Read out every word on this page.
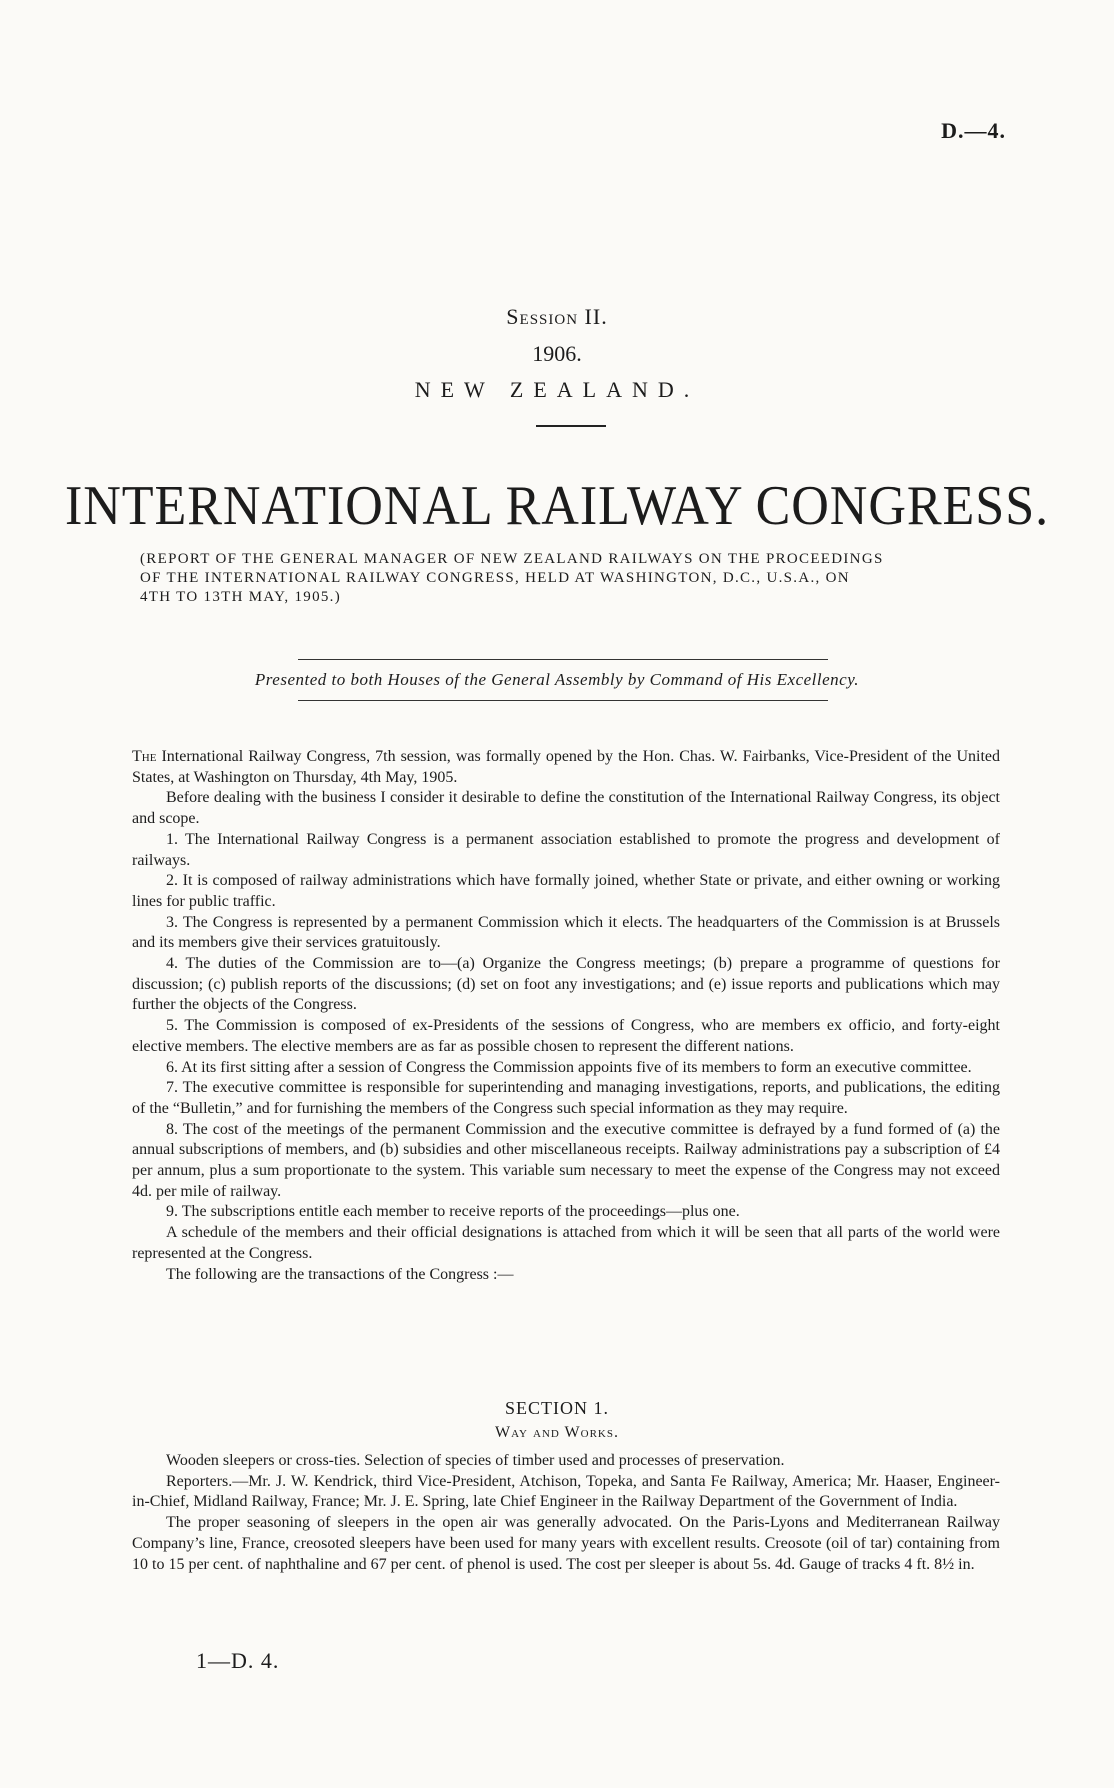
D.—4.
Session II.
1906.
NEW ZEALAND.
INTERNATIONAL RAILWAY CONGRESS.
(REPORT OF THE GENERAL MANAGER OF NEW ZEALAND RAILWAYS ON THE PROCEEDINGS
OF THE INTERNATIONAL RAILWAY CONGRESS, HELD AT WASHINGTON, D.C., U.S.A., ON
4TH TO 13TH MAY, 1905.)
Presented to both Houses of the General Assembly by Command of His Excellency.

The International Railway Congress, 7th session, was formally opened by the Hon. Chas. W. Fairbanks, Vice-President of the United States, at Washington on Thursday, 4th May, 1905.

Before dealing with the business I consider it desirable to define the constitution of the International Railway Congress, its object and scope.

1. The International Railway Congress is a permanent association established to promote the progress and development of railways.

2. It is composed of railway administrations which have formally joined, whether State or private, and either owning or working lines for public traffic.

3. The Congress is represented by a permanent Commission which it elects. The headquarters of the Commission is at Brussels and its members give their services gratuitously.

4. The duties of the Commission are to—(a) Organize the Congress meetings; (b) prepare a programme of questions for discussion; (c) publish reports of the discussions; (d) set on foot any investigations; and (e) issue reports and publications which may further the objects of the Congress.

5. The Commission is composed of ex-Presidents of the sessions of Congress, who are members ex officio, and forty-eight elective members. The elective members are as far as possible chosen to represent the different nations.

6. At its first sitting after a session of Congress the Commission appoints five of its members to form an executive committee.

7. The executive committee is responsible for superintending and managing investigations, reports, and publications, the editing of the “Bulletin,” and for furnishing the members of the Congress such special information as they may require.

8. The cost of the meetings of the permanent Commission and the executive committee is defrayed by a fund formed of (a) the annual subscriptions of members, and (b) subsidies and other miscellaneous receipts. Railway administrations pay a subscription of £4 per annum, plus a sum proportionate to the system. This variable sum necessary to meet the expense of the Congress may not exceed 4d. per mile of railway.

9. The subscriptions entitle each member to receive reports of the proceedings—plus one.

A schedule of the members and their official designations is attached from which it will be seen that all parts of the world were represented at the Congress.

The following are the transactions of the Congress :—

SECTION 1.
Way and Works.

Wooden sleepers or cross-ties. Selection of species of timber used and processes of preservation.

Reporters.—Mr. J. W. Kendrick, third Vice-President, Atchison, Topeka, and Santa Fe Railway, America; Mr. Haaser, Engineer-in-Chief, Midland Railway, France; Mr. J. E. Spring, late Chief Engineer in the Railway Department of the Government of India.

The proper seasoning of sleepers in the open air was generally advocated. On the Paris-Lyons and Mediterranean Railway Company’s line, France, creosoted sleepers have been used for many years with excellent results. Creosote (oil of tar) containing from 10 to 15 per cent. of naphthaline and 67 per cent. of phenol is used. The cost per sleeper is about 5s. 4d. Gauge of tracks 4 ft. 8½ in.

1—D. 4.
